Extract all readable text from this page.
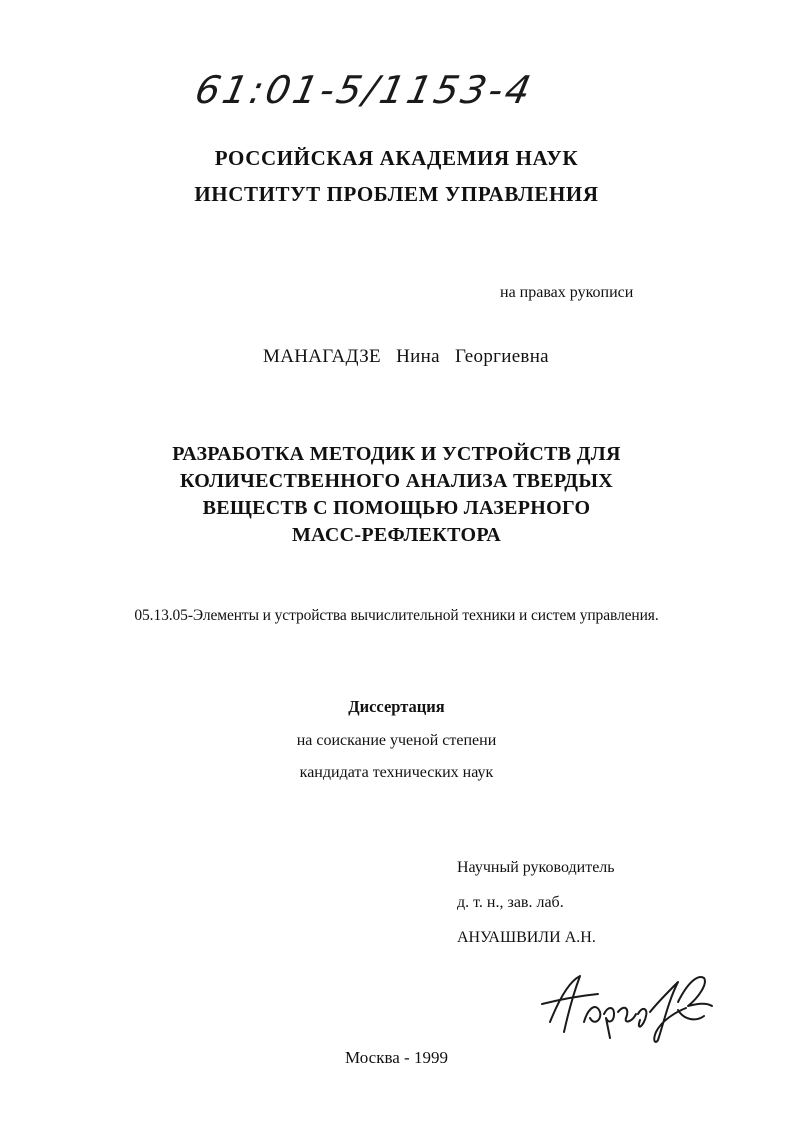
61:01-5/1153-4
РОССИЙСКАЯ АКАДЕМИЯ НАУК
ИНСТИТУТ ПРОБЛЕМ УПРАВЛЕНИЯ
на правах рукописи
МАНАГАДЗЕ Нина Георгиевна
РАЗРАБОТКА МЕТОДИК И УСТРОЙСТВ ДЛЯ
КОЛИЧЕСТВЕННОГО АНАЛИЗА ТВЕРДЫХ
ВЕЩЕСТВ С ПОМОЩЬЮ ЛАЗЕРНОГО
МАСС-РЕФЛЕКТОРА
05.13.05-Элементы и устройства вычислительной техники и систем управления.
Диссертация
на соискание ученой степени
кандидата технических наук
Научный руководитель
д. т. н., зав. лаб.
АНУАШВИЛИ А.Н.
Москва - 1999
